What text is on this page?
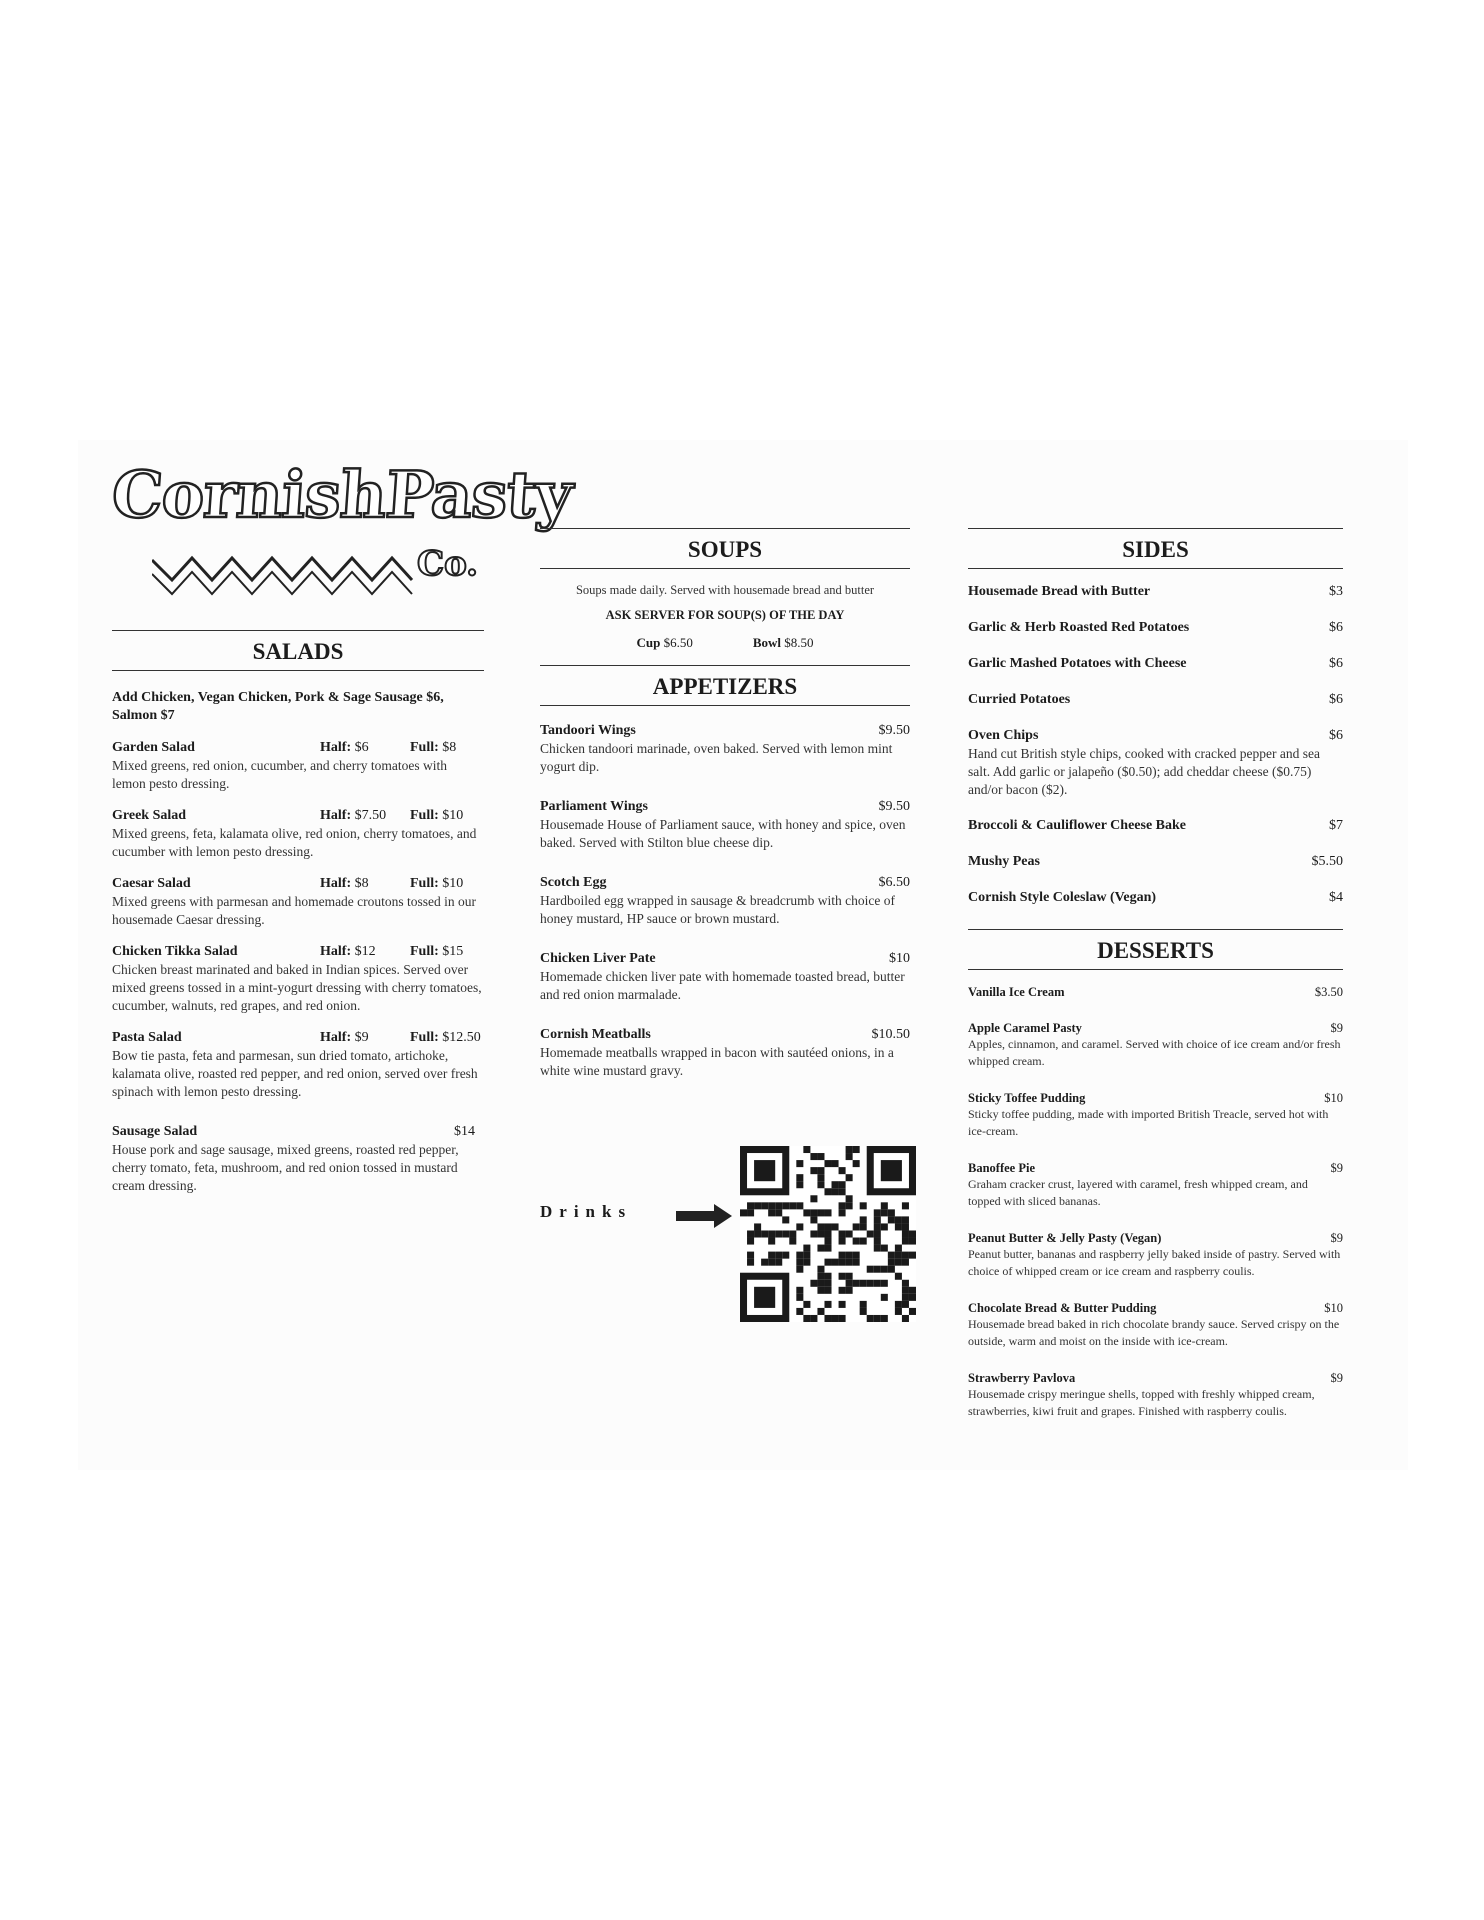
CornishPasty
Co.
SALADS

Add Chicken, Vegan Chicken, Pork & Sage Sausage $6, Salmon $7

Garden Salad	Half: $6	Full: $8
Mixed greens, red onion, cucumber, and cherry tomatoes with lemon pesto dressing.
Greek Salad	Half: $7.50	Full: $10
Mixed greens, feta, kalamata olive, red onion, cherry tomatoes, and cucumber with lemon pesto dressing.
Caesar Salad	Half: $8	Full: $10
Mixed greens with parmesan and homemade croutons tossed in our housemade Caesar dressing.
Chicken Tikka Salad	Half: $12	Full: $15
Chicken breast marinated and baked in Indian spices. Served over mixed greens tossed in a mint-yogurt dressing with cherry tomatoes, cucumber, walnuts, red grapes, and red onion.
Pasta Salad	Half: $9	Full: $12.50
Bow tie pasta, feta and parmesan, sun dried tomato, artichoke, kalamata olive, roasted red pepper, and red onion, served over fresh spinach with lemon pesto dressing.
Sausage Salad	$14
House pork and sage sausage, mixed greens, roasted red pepper, cherry tomato, feta, mushroom, and red onion tossed in mustard cream dressing.
SOUPS
Soups made daily. Served with housemade bread and butter
ASK SERVER FOR SOUP(S) OF THE DAY
Cup $6.50	Bowl $8.50
APPETIZERS
Tandoori Wings	$9.50
Chicken tandoori marinade, oven baked. Served with lemon mint yogurt dip.
Parliament Wings	$9.50
Housemade House of Parliament sauce, with honey and spice, oven baked. Served with Stilton blue cheese dip.
Scotch Egg	$6.50
Hardboiled egg wrapped in sausage & breadcrumb with choice of honey mustard, HP sauce or brown mustard.
Chicken Liver Pate	$10
Homemade chicken liver pate with homemade toasted bread, butter and red onion marmalade.
Cornish Meatballs	$10.50
Homemade meatballs wrapped in bacon with sautéed onions, in a white wine mustard gravy.
Drinks
SIDES
Housemade Bread with Butter	$3
Garlic & Herb Roasted Red Potatoes	$6
Garlic Mashed Potatoes with Cheese	$6
Curried Potatoes	$6
Oven Chips	$6
Hand cut British style chips, cooked with cracked pepper and sea salt. Add garlic or jalapeño ($0.50); add cheddar cheese ($0.75) and/or bacon ($2).
Broccoli & Cauliflower Cheese Bake	$7
Mushy Peas	$5.50
Cornish Style Coleslaw (Vegan)	$4
DESSERTS
Vanilla Ice Cream	$3.50
Apple Caramel Pasty	$9
Apples, cinnamon, and caramel. Served with choice of ice cream and/or fresh whipped cream.
Sticky Toffee Pudding	$10
Sticky toffee pudding, made with imported British Treacle, served hot with ice-cream.
Banoffee Pie	$9
Graham cracker crust, layered with caramel, fresh whipped cream, and topped with sliced bananas.
Peanut Butter & Jelly Pasty (Vegan)	$9
Peanut butter, bananas and raspberry jelly baked inside of pastry. Served with choice of whipped cream or ice cream and raspberry coulis.
Chocolate Bread & Butter Pudding	$10
Housemade bread baked in rich chocolate brandy sauce. Served crispy on the outside, warm and moist on the inside with ice-cream.
Strawberry Pavlova	$9
Housemade crispy meringue shells, topped with freshly whipped cream, strawberries, kiwi fruit and grapes. Finished with raspberry coulis.
